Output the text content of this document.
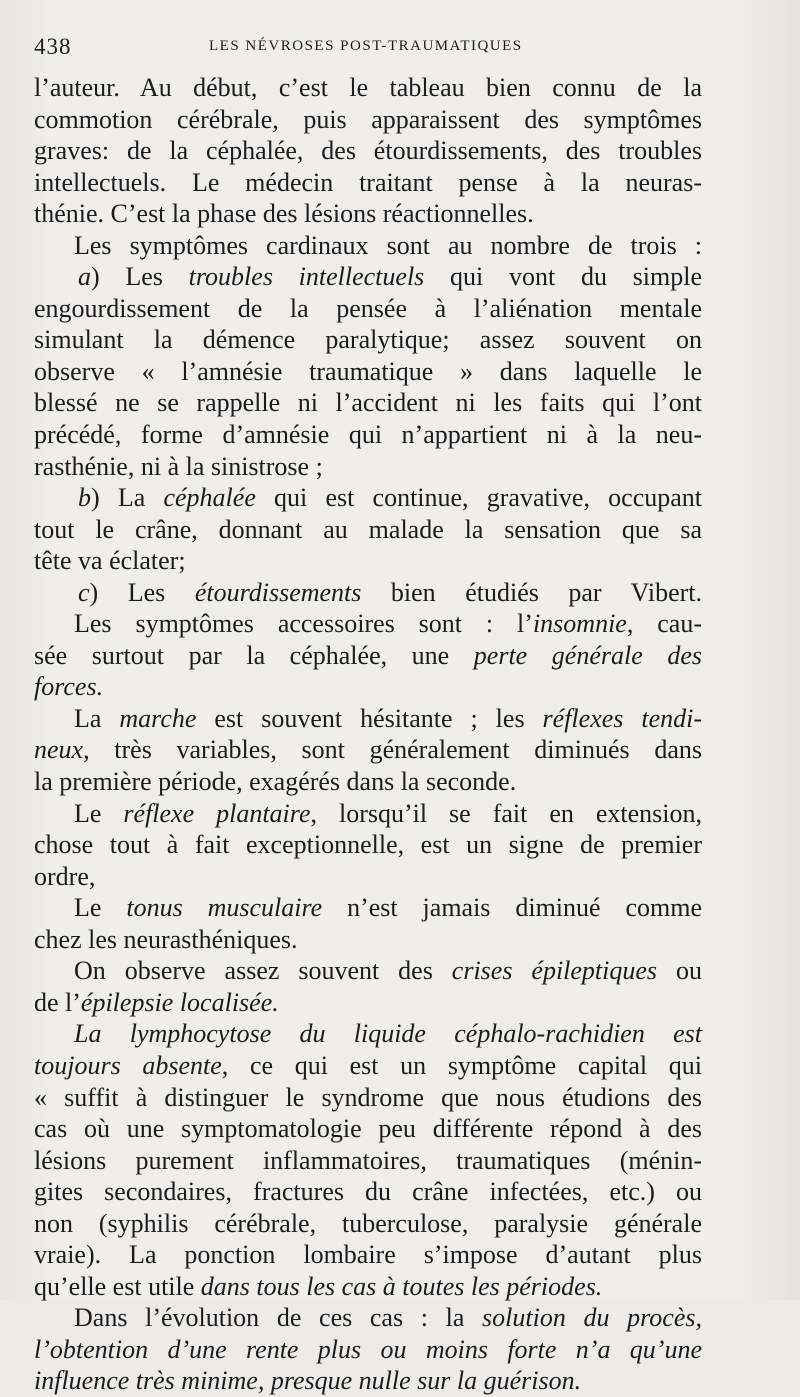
438	LES NÉVROSES POST-TRAUMATIQUES
l’auteur. Au début, c’est le tableau bien connu de la
commotion cérébrale, puis apparaissent des symptômes
graves: de la céphalée, des étourdissements, des troubles
intellectuels. Le médecin traitant pense à la neuras-
thénie. C’est la phase des lésions réactionnelles.
Les symptômes cardinaux sont au nombre de trois :
a) Les troubles intellectuels qui vont du simple
engourdissement de la pensée à l’aliénation mentale
simulant la démence paralytique; assez souvent on
observe « l’amnésie traumatique » dans laquelle le
blessé ne se rappelle ni l’accident ni les faits qui l’ont
précédé, forme d’amnésie qui n’appartient ni à la neu-
rasthénie, ni à la sinistrose ;
b) La céphalée qui est continue, gravative, occupant
tout le crâne, donnant au malade la sensation que sa
tête va éclater;
c) Les étourdissements bien étudiés par Vibert.
Les symptômes accessoires sont : l’insomnie, cau-
sée surtout par la céphalée, une perte générale des
forces.
La marche est souvent hésitante ; les réflexes tendi-
neux, très variables, sont généralement diminués dans
la première période, exagérés dans la seconde.
Le réflexe plantaire, lorsqu’il se fait en extension,
chose tout à fait exceptionnelle, est un signe de premier
ordre,
Le tonus musculaire n’est jamais diminué comme
chez les neurasthéniques.
On observe assez souvent des crises épileptiques ou
de l’épilepsie localisée.
La lymphocytose du liquide céphalo-rachidien est
toujours absente, ce qui est un symptôme capital qui
« suffit à distinguer le syndrome que nous étudions des
cas où une symptomatologie peu différente répond à des
lésions purement inflammatoires, traumatiques (ménin-
gites secondaires, fractures du crâne infectées, etc.) ou
non (syphilis cérébrale, tuberculose, paralysie générale
vraie). La ponction lombaire s’impose d’autant plus
qu’elle est utile dans tous les cas à toutes les périodes.
Dans l’évolution de ces cas : la solution du procès,
l’obtention d’une rente plus ou moins forte n’a qu’une
influence très minime, presque nulle sur la guérison.
